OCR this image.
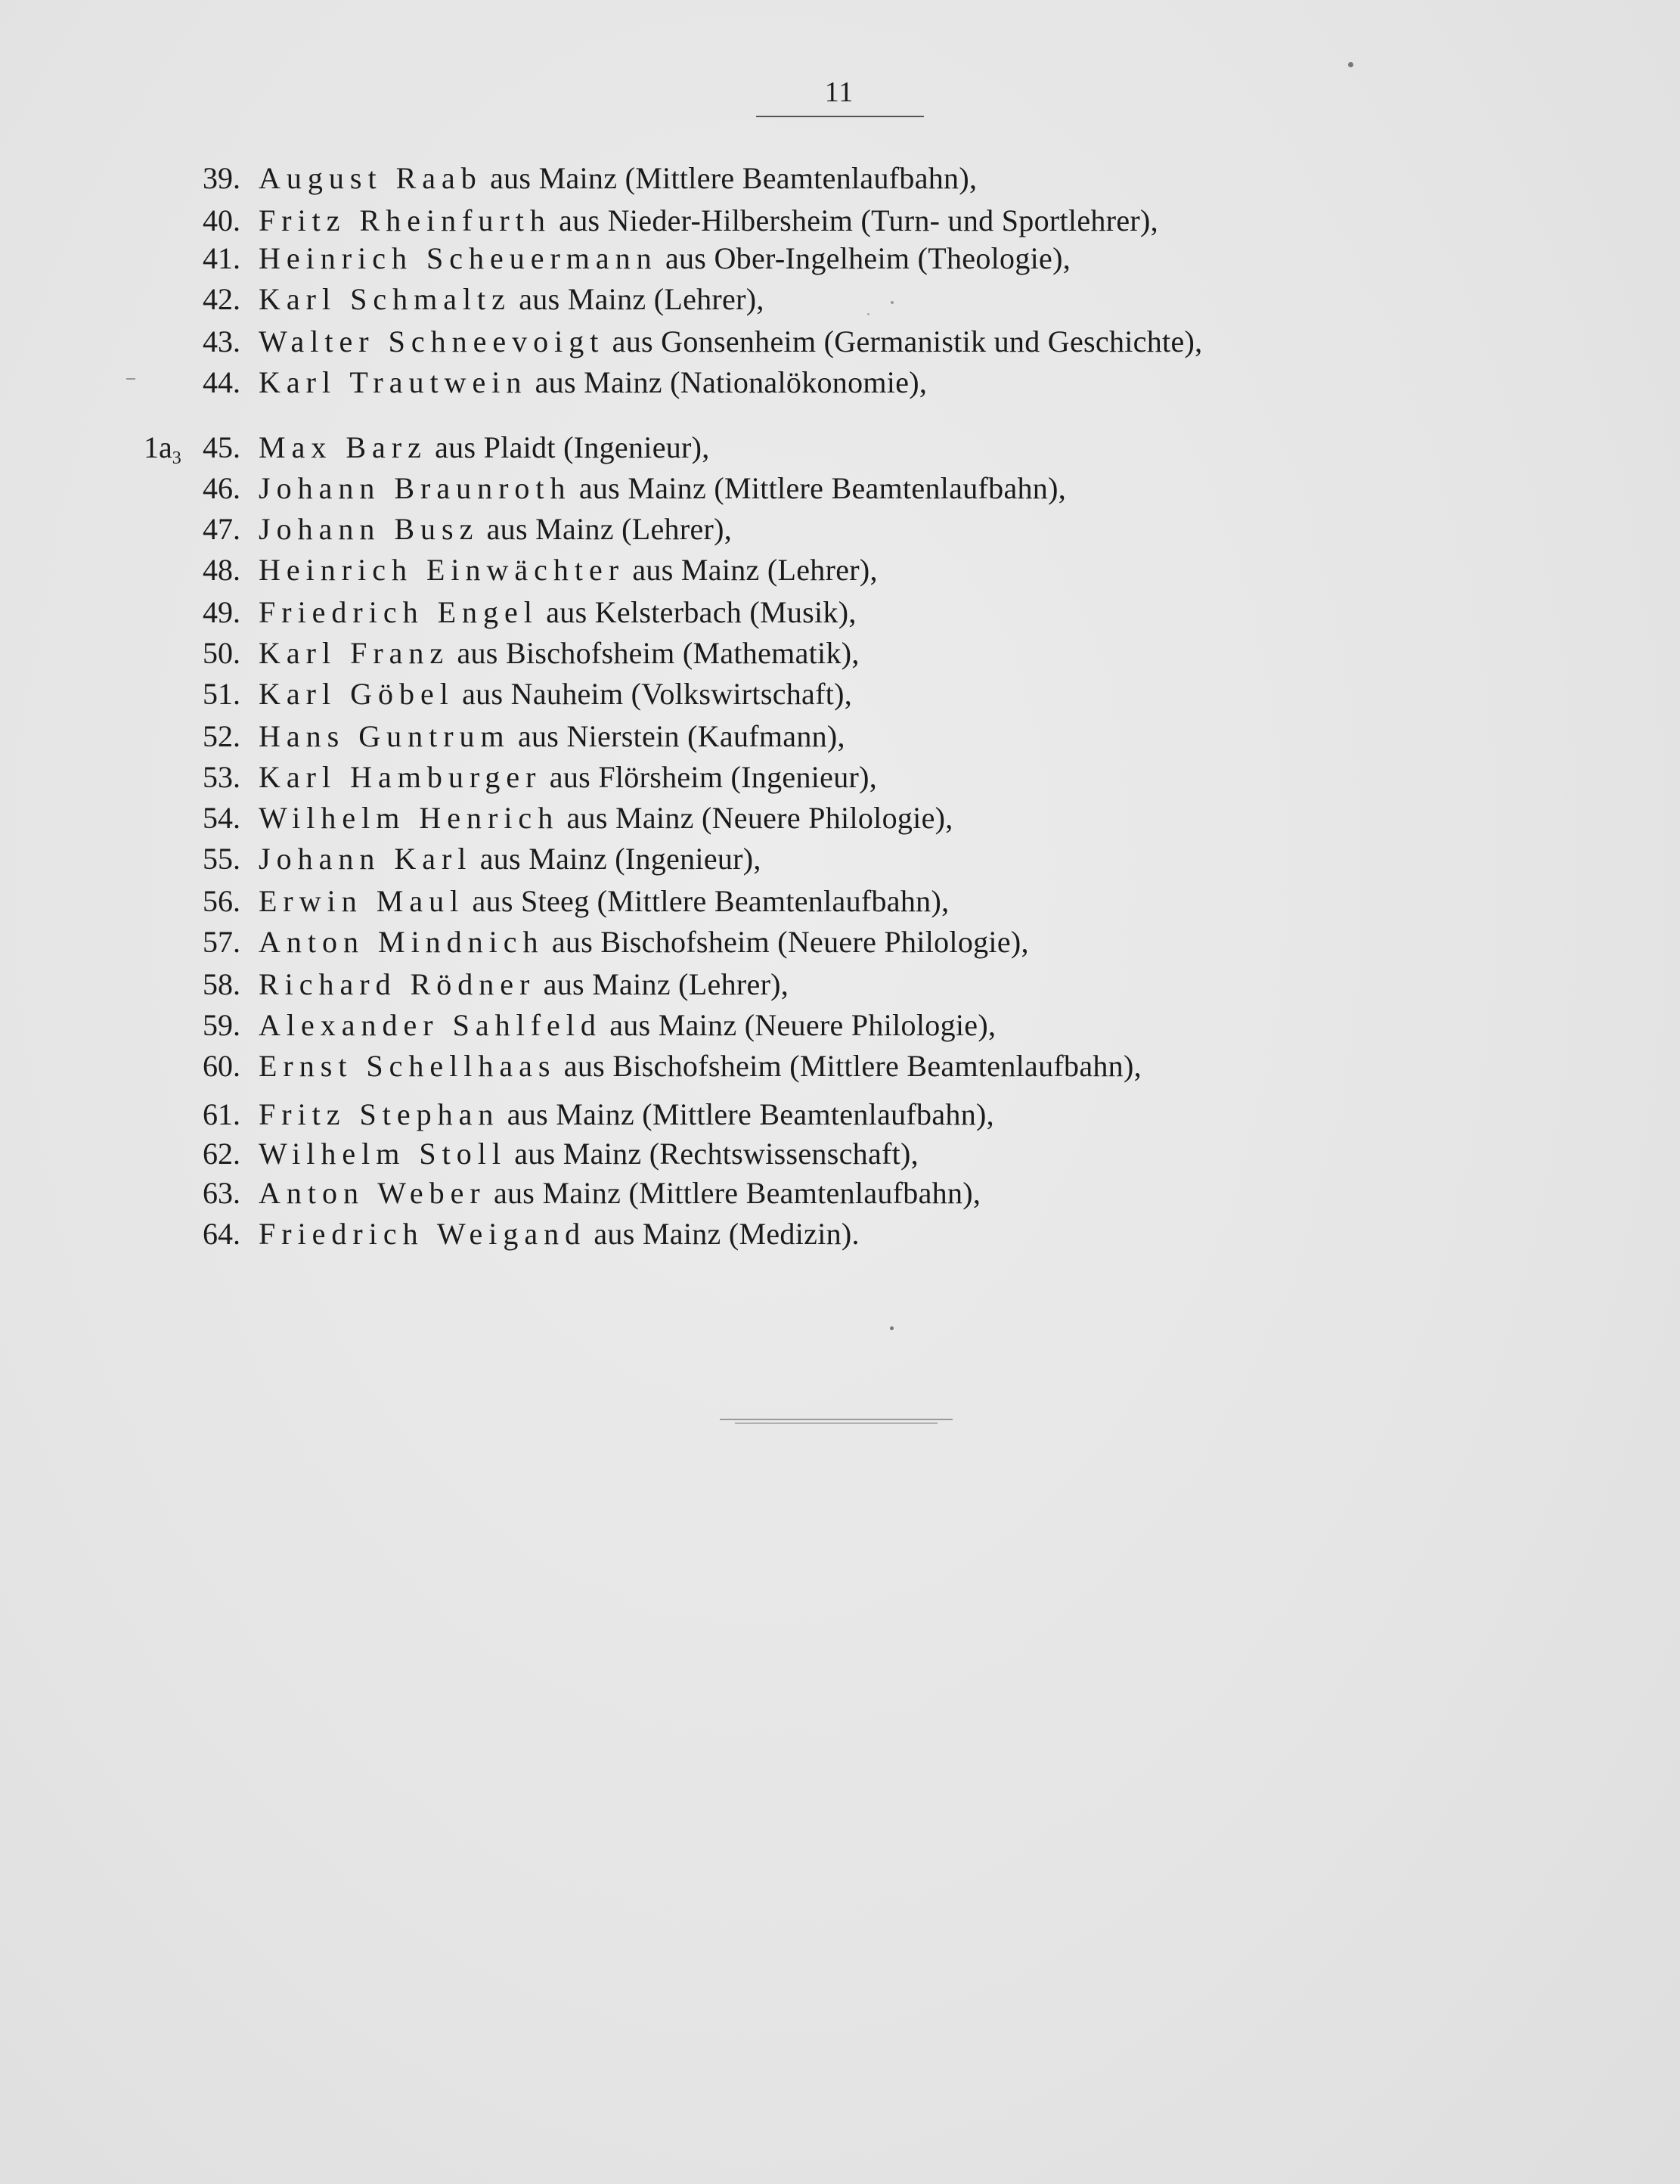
11
$1a_3$
39. August Raab aus Mainz (Mittlere Beamtenlaufbahn),
40. Fritz Rheinfurth aus Nieder-Hilbersheim (Turn- und Sportlehrer),
41. Heinrich Scheuermann aus Ober-Ingelheim (Theologie),
42. Karl Schmaltz aus Mainz (Lehrer),
43. Walter Schneevoigt aus Gonsenheim (Germanistik und Geschichte),
44. Karl Trautwein aus Mainz (Nationalökonomie),
45. Max Barz aus Plaidt (Ingenieur),
46. Johann Braunroth aus Mainz (Mittlere Beamtenlaufbahn),
47. Johann Busz aus Mainz (Lehrer),
48. Heinrich Einwächter aus Mainz (Lehrer),
49. Friedrich Engel aus Kelsterbach (Musik),
50. Karl Franz aus Bischofsheim (Mathematik),
51. Karl Göbel aus Nauheim (Volkswirtschaft),
52. Hans Guntrum aus Nierstein (Kaufmann),
53. Karl Hamburger aus Flörsheim (Ingenieur),
54. Wilhelm Henrich aus Mainz (Neuere Philologie),
55. Johann Karl aus Mainz (Ingenieur),
56. Erwin Maul aus Steeg (Mittlere Beamtenlaufbahn),
57. Anton Mindnich aus Bischofsheim (Neuere Philologie),
58. Richard Rödner aus Mainz (Lehrer),
59. Alexander Sahlfeld aus Mainz (Neuere Philologie),
60. Ernst Schellhaas aus Bischofsheim (Mittlere Beamtenlaufbahn),
61. Fritz Stephan aus Mainz (Mittlere Beamtenlaufbahn),
62. Wilhelm Stoll aus Mainz (Rechtswissenschaft),
63. Anton Weber aus Mainz (Mittlere Beamtenlaufbahn),
64. Friedrich Weigand aus Mainz (Medizin).
